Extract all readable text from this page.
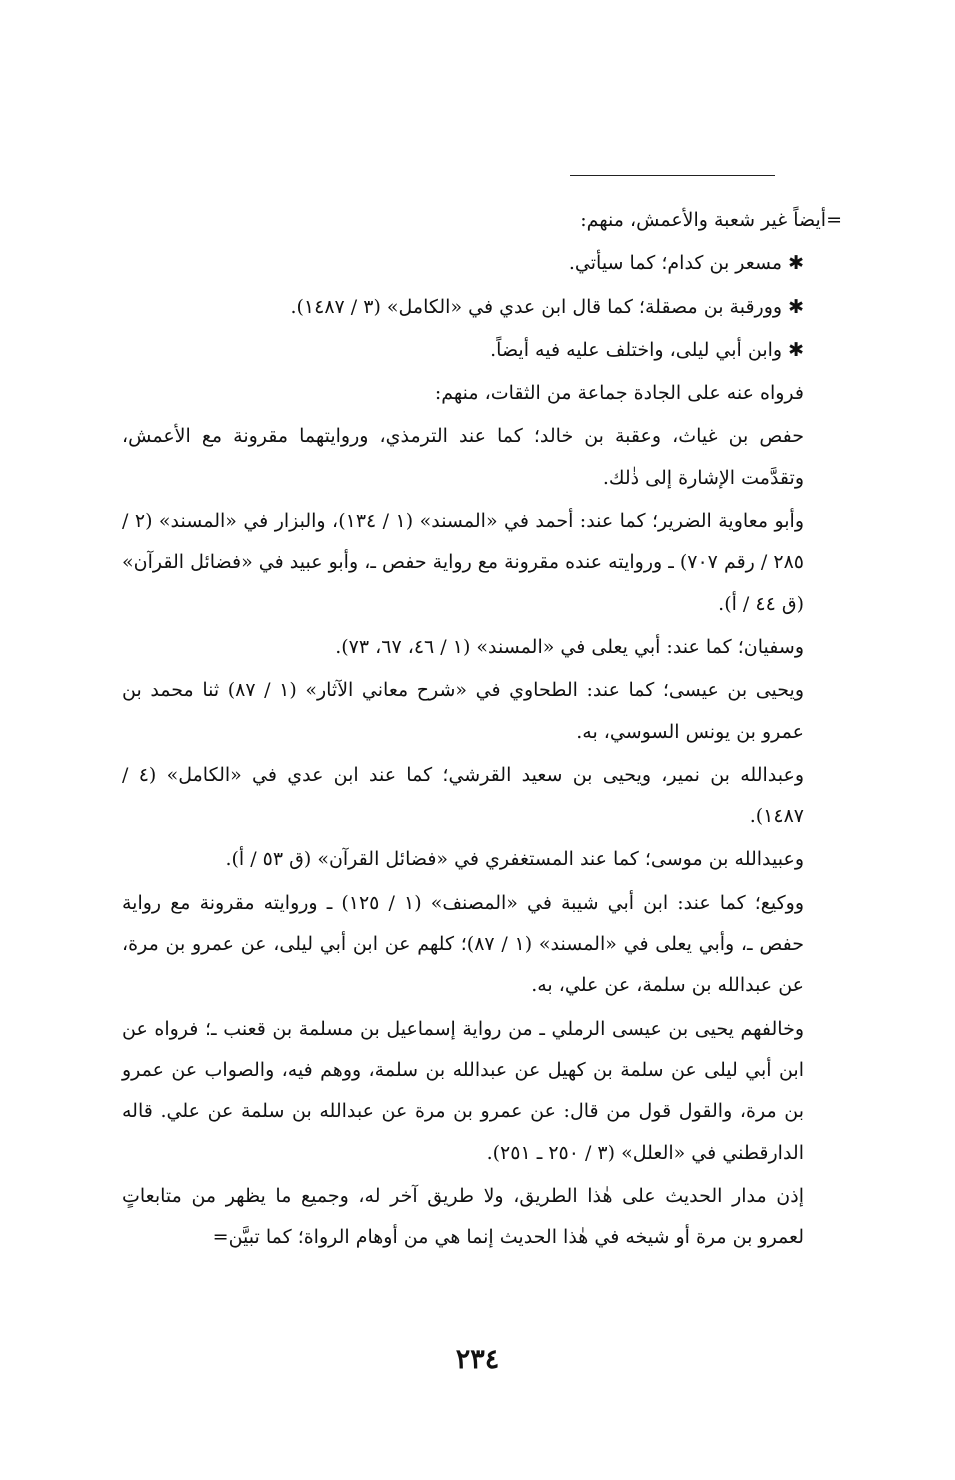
=أيضاً غير شعبة والأعمش، منهم:

✱مسعر بن كدام؛ كما سيأتي.

✱وورقبة بن مصقلة؛ كما قال ابن عدي في «الكامل» (٣ / ١٤٨٧).

✱وابن أبي ليلى، واختلف عليه فيه أيضاً.

فرواه عنه على الجادة جماعة من الثقات، منهم:

حفص بن غياث، وعقبة بن خالد؛ كما عند الترمذي، وروايتهما مقرونة مع الأعمش، وتقدَّمت الإشارة إلى ذٰلك.

وأبو معاوية الضرير؛ كما عند: أحمد في «المسند» (١ / ١٣٤)، والبزار في «المسند» (٢ / ٢٨٥ / رقم ٧٠٧) ـ وروايته عنده مقرونة مع رواية حفص ـ، وأبو عبيد في «فضائل القرآن» (ق ٤٤ / أ).

وسفيان؛ كما عند: أبي يعلى في «المسند» (١ / ٤٦، ٦٧، ٧٣).

ويحيى بن عيسى؛ كما عند: الطحاوي في «شرح معاني الآثار» (١ / ٨٧) ثنا محمد بن عمرو بن يونس السوسي، به.

وعبدالله بن نمير، ويحيى بن سعيد القرشي؛ كما عند ابن عدي في «الكامل» (٤ / ١٤٨٧).

وعبيدالله بن موسى؛ كما عند المستغفري في «فضائل القرآن» (ق ٥٣ / أ).

ووكيع؛ كما عند: ابن أبي شيبة في «المصنف» (١ / ١٢٥) ـ وروايته مقرونة مع رواية حفص ـ، وأبي يعلى في «المسند» (١ / ٨٧)؛ كلهم عن ابن أبي ليلى، عن عمرو بن مرة، عن عبدالله بن سلمة، عن علي، به.

وخالفهم يحيى بن عيسى الرملي ـ من رواية إسماعيل بن مسلمة بن قعنب ـ؛ فرواه عن ابن أبي ليلى عن سلمة بن كهيل عن عبدالله بن سلمة، ووهم فيه، والصواب عن عمرو بن مرة، والقول قول من قال: عن عمرو بن مرة عن عبدالله بن سلمة عن علي. قاله الدارقطني في «العلل» (٣ / ٢٥٠ ـ ٢٥١).

إذن مدار الحديث على هٰذا الطريق، ولا طريق آخر له، وجميع ما يظهر من متابعاتٍ لعمرو بن مرة أو شيخه في هٰذا الحديث إنما هي من أوهام الرواة؛ كما تبيَّن=

٢٣٤
